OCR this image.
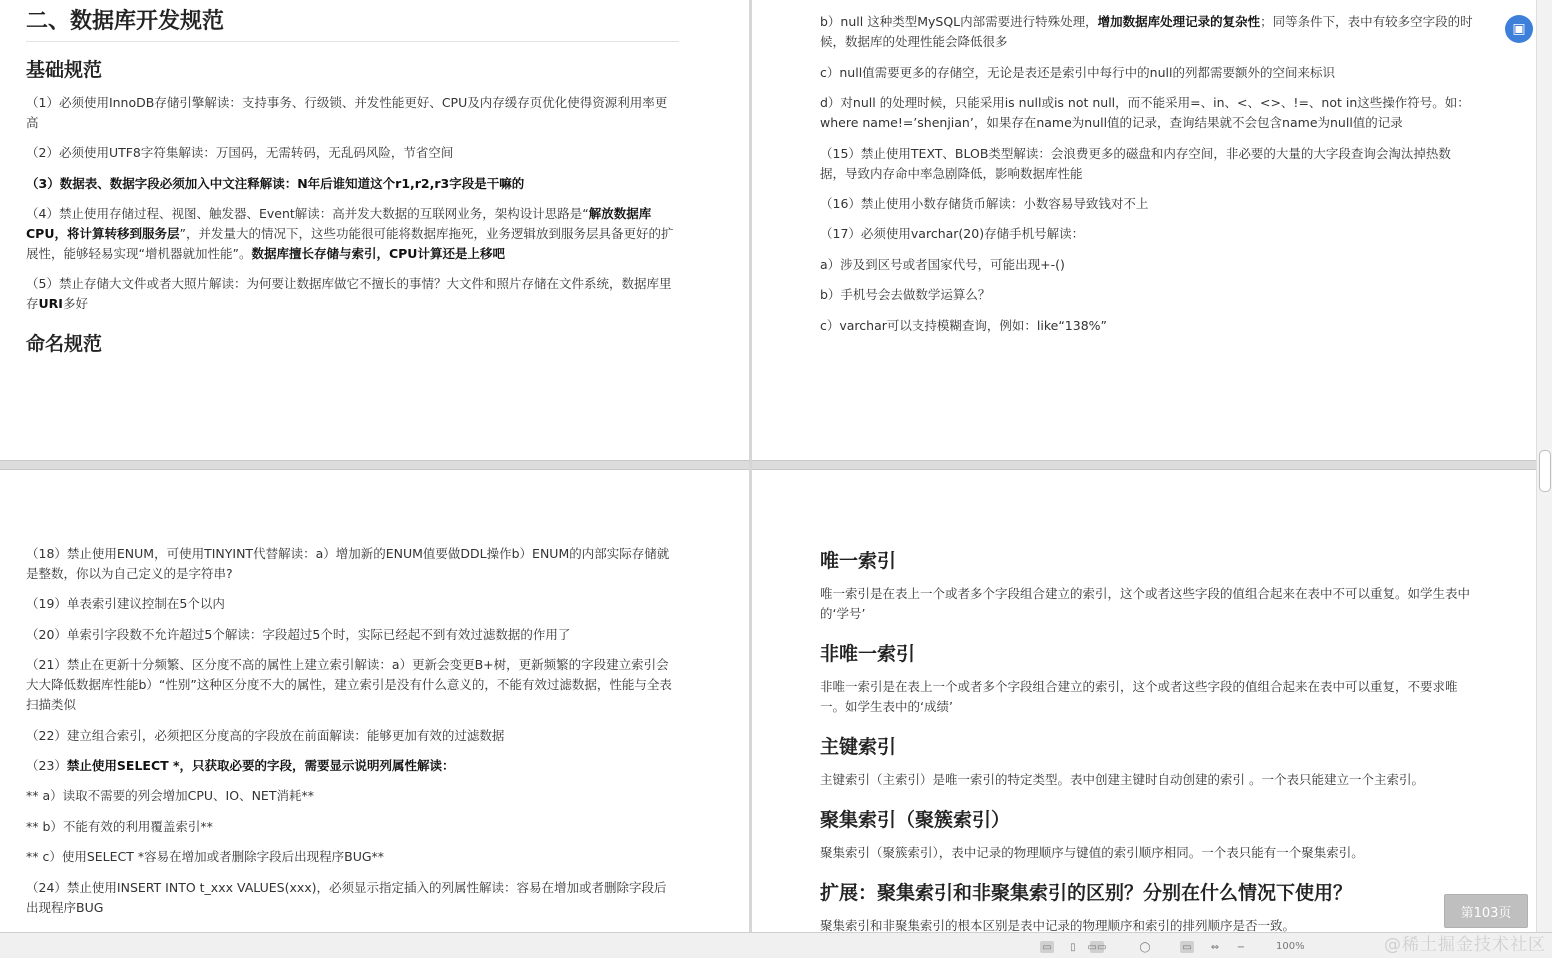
二、数据库开发规范
基础规范

（1）必须使用InnoDB存储引擎解读：支持事务、行级锁、并发性能更好、CPU及内存缓存页优化使得资源利用率更高

（2）必须使用UTF8字符集解读：万国码，无需转码，无乱码风险，节省空间

（3）数据表、数据字段必须加入中文注释解读：N年后谁知道这个r1,r2,r3字段是干嘛的

（4）禁止使用存储过程、视图、触发器、Event解读：高并发大数据的互联网业务，架构设计思路是“解放数据库CPU，将计算转移到服务层”，并发量大的情况下，这些功能很可能将数据库拖死，业务逻辑放到服务层具备更好的扩展性，能够轻易实现“增机器就加性能”。数据库擅长存储与索引，CPU计算还是上移吧

（5）禁止存储大文件或者大照片解读：为何要让数据库做它不擅长的事情？大文件和照片存储在文件系统，数据库里存URI多好

命名规范

b）null 这种类型MySQL内部需要进行特殊处理，增加数据库处理记录的复杂性；同等条件下，表中有较多空字段的时候，数据库的处理性能会降低很多

c）null值需要更多的存储空，无论是表还是索引中每行中的null的列都需要额外的空间来标识

d）对null 的处理时候，只能采用is null或is not null，而不能采用=、in、<、<>、!=、not in这些操作符号。如：where name!=’shenjian’，如果存在name为null值的记录，查询结果就不会包含name为null值的记录

（15）禁止使用TEXT、BLOB类型解读：会浪费更多的磁盘和内存空间，非必要的大量的大字段查询会淘汰掉热数据，导致内存命中率急剧降低，影响数据库性能

（16）禁止使用小数存储货币解读：小数容易导致钱对不上

（17）必须使用varchar(20)存储手机号解读：

a）涉及到区号或者国家代号，可能出现+-()

b）手机号会去做数学运算么？

c）varchar可以支持模糊查询，例如：like“138%”

（18）禁止使用ENUM，可使用TINYINT代替解读：a）增加新的ENUM值要做DDL操作b）ENUM的内部实际存储就是整数，你以为自己定义的是字符串?

（19）单表索引建议控制在5个以内

（20）单索引字段数不允许超过5个解读：字段超过5个时，实际已经起不到有效过滤数据的作用了

（21）禁止在更新十分频繁、区分度不高的属性上建立索引解读：a）更新会变更B+树，更新频繁的字段建立索引会大大降低数据库性能b）“性别”这种区分度不大的属性，建立索引是没有什么意义的，不能有效过滤数据，性能与全表扫描类似

（22）建立组合索引，必须把区分度高的字段放在前面解读：能够更加有效的过滤数据

（23）禁止使用SELECT *，只获取必要的字段，需要显示说明列属性解读：

** a）读取不需要的列会增加CPU、IO、NET消耗**

** b）不能有效的利用覆盖索引**

** c）使用SELECT *容易在增加或者删除字段后出现程序BUG**

（24）禁止使用INSERT INTO t_xxx VALUES(xxx)，必须显示指定插入的列属性解读：容易在增加或者删除字段后出现程序BUG

唯一索引

唯一索引是在表上一个或者多个字段组合建立的索引，这个或者这些字段的值组合起来在表中不可以重复。如学生表中的‘学号’

非唯一索引

非唯一索引是在表上一个或者多个字段组合建立的索引，这个或者这些字段的值组合起来在表中可以重复，不要求唯一。如学生表中的‘成绩’

主键索引

主键索引（主索引）是唯一索引的特定类型。表中创建主键时自动创建的索引 。一个表只能建立一个主索引。

聚集索引（聚簇索引）

聚集索引（聚簇索引），表中记录的物理顺序与键值的索引顺序相同。一个表只能有一个聚集索引。

扩展：聚集索引和非聚集索引的区别？分别在什么情况下使用？

聚集索引和非聚集索引的根本区别是表中记录的物理顺序和索引的排列顺序是否一致。

▣
第103页
▭	▯	▭▭	◯	▭ ⇔ −	100%	@稀土掘金技术社区
